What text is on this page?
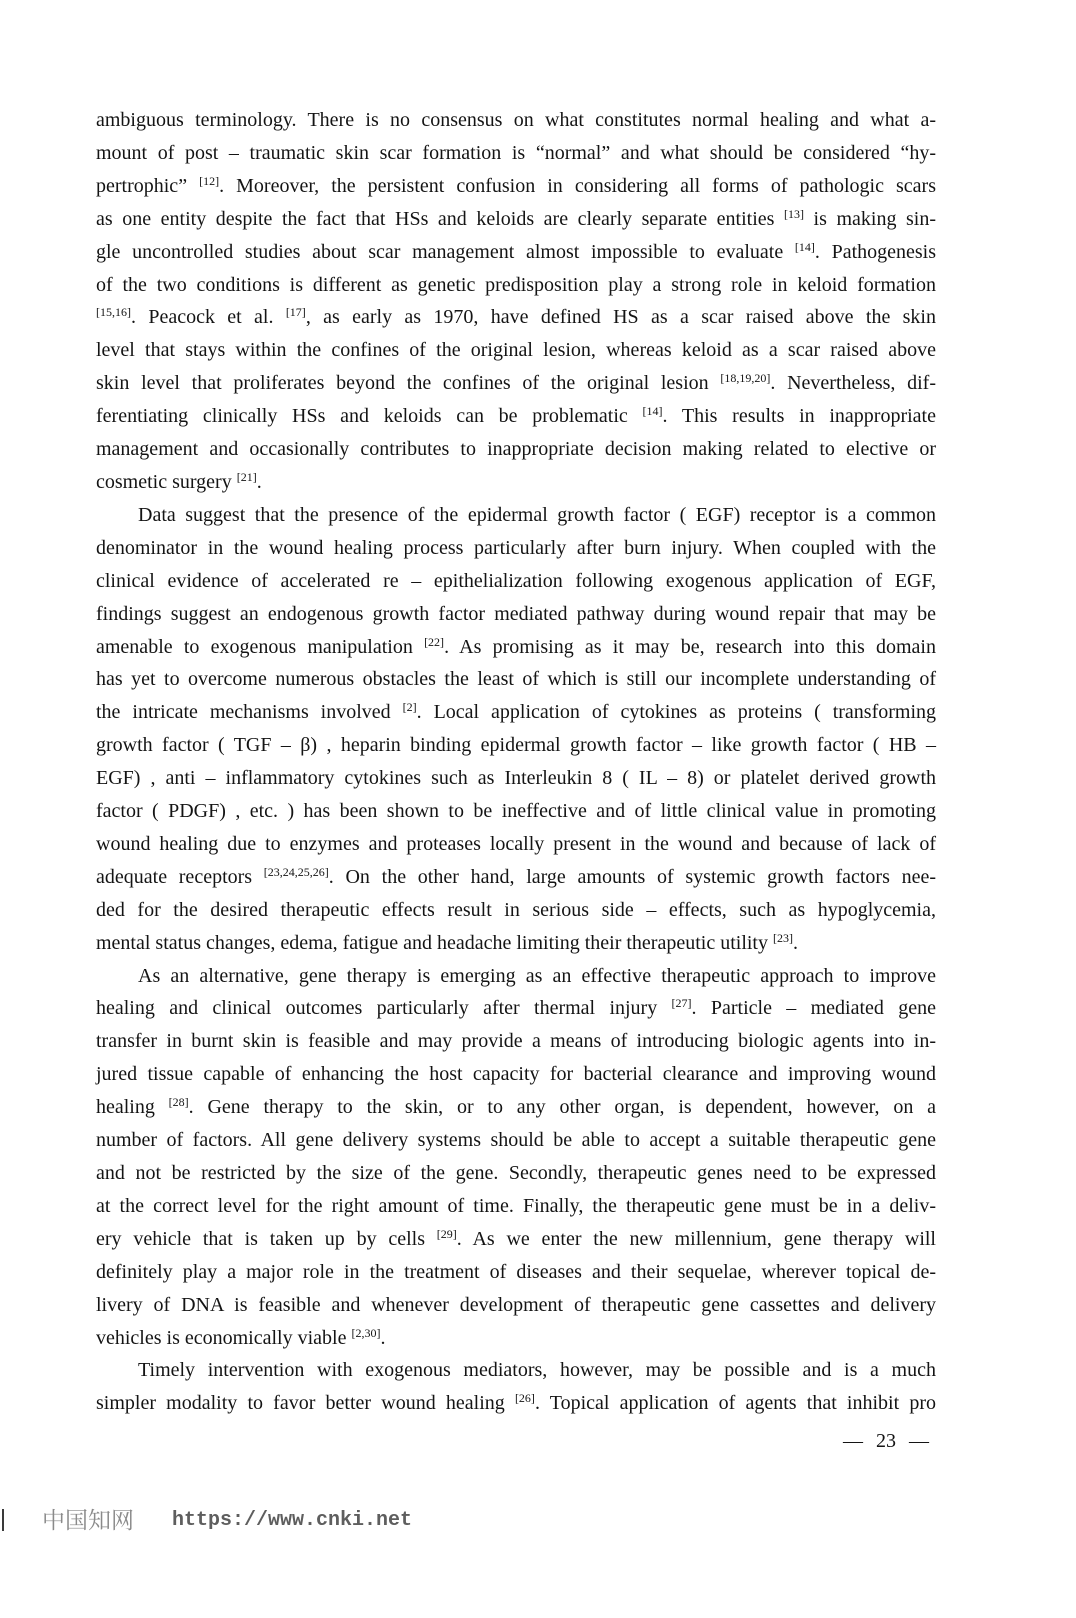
ambiguous terminology. There is no consensus on what constitutes normal healing and what a-
mount of post – traumatic skin scar formation is “normal” and what should be considered “hy-
pertrophic” [12]. Moreover, the persistent confusion in considering all forms of pathologic scars
as one entity despite the fact that HSs and keloids are clearly separate entities [13] is making sin-
gle uncontrolled studies about scar management almost impossible to evaluate [14]. Pathogenesis
of the two conditions is different as genetic predisposition play a strong role in keloid formation
[15,16]. Peacock et al. [17], as early as 1970, have defined HS as a scar raised above the skin
level that stays within the confines of the original lesion, whereas keloid as a scar raised above
skin level that proliferates beyond the confines of the original lesion [18,19,20]. Nevertheless, dif-
ferentiating clinically HSs and keloids can be problematic [14]. This results in inappropriate
management and occasionally contributes to inappropriate decision making related to elective or
cosmetic surgery [21].
Data suggest that the presence of the epidermal growth factor ( EGF) receptor is a common
denominator in the wound healing process particularly after burn injury. When coupled with the
clinical evidence of accelerated re – epithelialization following exogenous application of EGF,
findings suggest an endogenous growth factor mediated pathway during wound repair that may be
amenable to exogenous manipulation [22]. As promising as it may be, research into this domain
has yet to overcome numerous obstacles the least of which is still our incomplete understanding of
the intricate mechanisms involved [2]. Local application of cytokines as proteins ( transforming
growth factor ( TGF – β) , heparin binding epidermal growth factor – like growth factor ( HB –
EGF) , anti – inflammatory cytokines such as Interleukin 8 ( IL – 8) or platelet derived growth
factor ( PDGF) , etc. ) has been shown to be ineffective and of little clinical value in promoting
wound healing due to enzymes and proteases locally present in the wound and because of lack of
adequate receptors [23,24,25,26]. On the other hand, large amounts of systemic growth factors nee-
ded for the desired therapeutic effects result in serious side – effects, such as hypoglycemia,
mental status changes, edema, fatigue and headache limiting their therapeutic utility [23].
As an alternative, gene therapy is emerging as an effective therapeutic approach to improve
healing and clinical outcomes particularly after thermal injury [27]. Particle – mediated gene
transfer in burnt skin is feasible and may provide a means of introducing biologic agents into in-
jured tissue capable of enhancing the host capacity for bacterial clearance and improving wound
healing [28]. Gene therapy to the skin, or to any other organ, is dependent, however, on a
number of factors. All gene delivery systems should be able to accept a suitable therapeutic gene
and not be restricted by the size of the gene. Secondly, therapeutic genes need to be expressed
at the correct level for the right amount of time. Finally, the therapeutic gene must be in a deliv-
ery vehicle that is taken up by cells [29]. As we enter the new millennium, gene therapy will
definitely play a major role in the treatment of diseases and their sequelae, wherever topical de-
livery of DNA is feasible and whenever development of therapeutic gene cassettes and delivery
vehicles is economically viable [2,30].
Timely intervention with exogenous mediators, however, may be possible and is a much
simpler modality to favor better wound healing [26]. Topical application of agents that inhibit pro
— 23 —
中国知网 https://www.cnki.net
